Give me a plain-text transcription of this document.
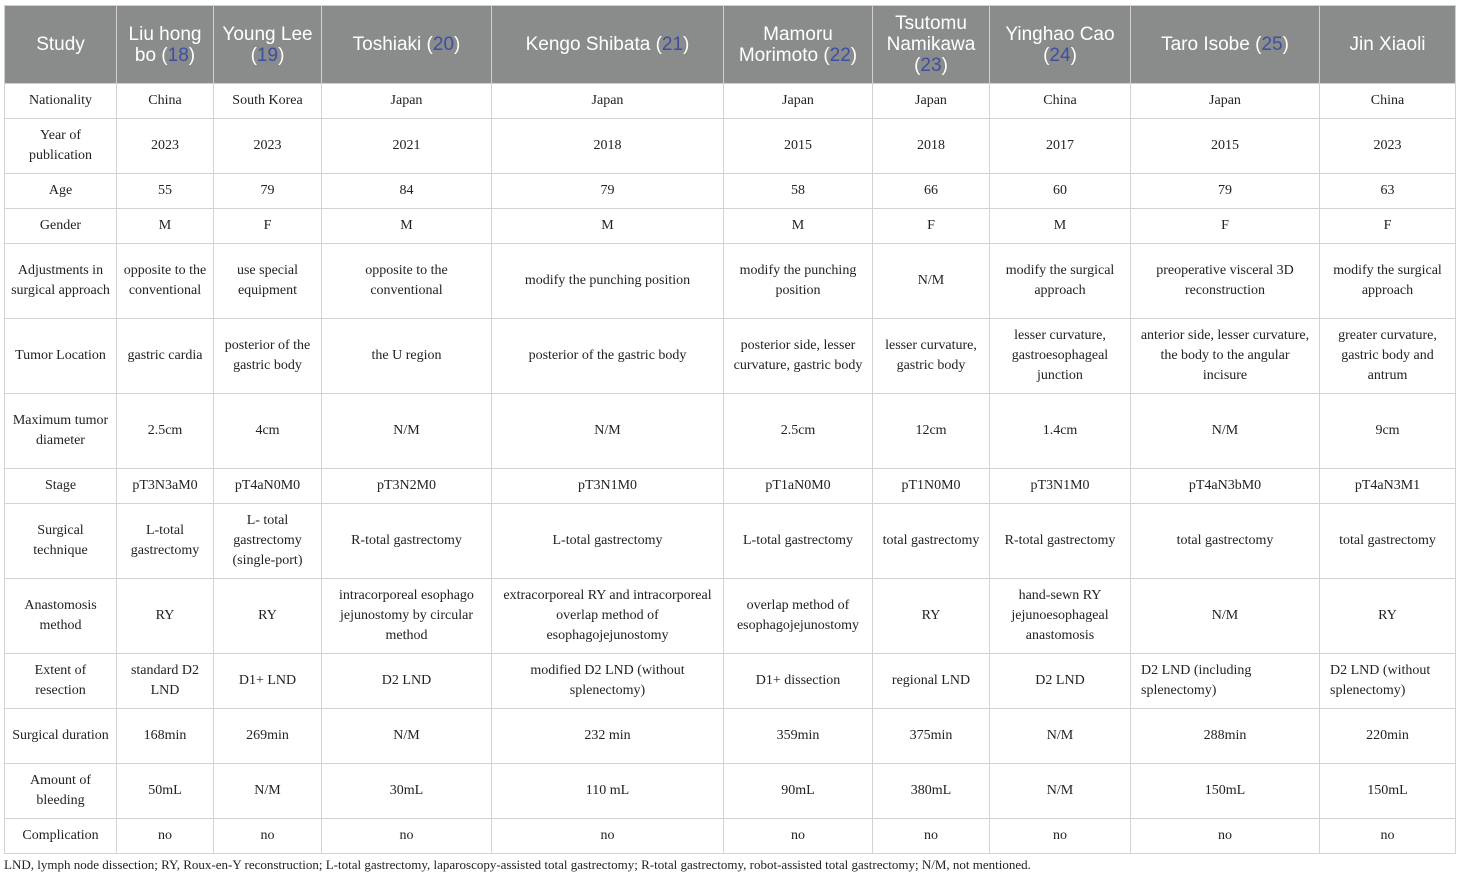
Study	Liu hong bo (18)	Young Lee (19)	Toshiaki (20)	Kengo Shibata (21)	Mamoru Morimoto (22)	Tsutomu Namikawa (23)	Yinghao Cao (24)	Taro Isobe (25)	Jin Xiaoli
Nationality	China	South Korea	Japan	Japan	Japan	Japan	China	Japan	China
Year of publication	2023	2023	2021	2018	2015	2018	2017	2015	2023
Age	55	79	84	79	58	66	60	79	63
Gender	M	F	M	M	M	F	M	F	F
Adjustments in surgical approach	opposite to the conventional	use special equipment	opposite to the conventional	modify the punching position	modify the punching position	N/M	modify the surgical approach	preoperative visceral 3D reconstruction	modify the surgical approach
Tumor Location	gastric cardia	posterior of the gastric body	the U region	posterior of the gastric body	posterior side, lesser curvature, gastric body	lesser curvature, gastric body	lesser curvature, gastroesophageal junction	anterior side, lesser curvature, the body to the angular incisure	greater curvature, gastric body and antrum
Maximum tumor diameter	2.5cm	4cm	N/M	N/M	2.5cm	12cm	1.4cm	N/M	9cm
Stage	pT3N3aM0	pT4aN0M0	pT3N2M0	pT3N1M0	pT1aN0M0	pT1N0M0	pT3N1M0	pT4aN3bM0	pT4aN3M1
Surgical technique	L-total gastrectomy	L- total gastrectomy (single-port)	R-total gastrectomy	L-total gastrectomy	L-total gastrectomy	total gastrectomy	R-total gastrectomy	total gastrectomy	total gastrectomy
Anastomosis method	RY	RY	intracorporeal esophago jejunostomy by circular method	extracorporeal RY and intracorporeal overlap method of esophagojejunostomy	overlap method of esophagojejunostomy	RY	hand-sewn RY jejunoesophageal anastomosis	N/M	RY
Extent of resection	standard D2 LND	D1+ LND	D2 LND	modified D2 LND (without splenectomy)	D1+ dissection	regional LND	D2 LND	D2 LND (including splenectomy)	D2 LND (without splenectomy)
Surgical duration	168min	269min	N/M	232 min	359min	375min	N/M	288min	220min
Amount of bleeding	50mL	N/M	30mL	110 mL	90mL	380mL	N/M	150mL	150mL
Complication	no	no	no	no	no	no	no	no	no
LND, lymph node dissection; RY, Roux-en-Y reconstruction; L-total gastrectomy, laparoscopy-assisted total gastrectomy; R-total gastrectomy, robot-assisted total gastrectomy; N/M, not mentioned.
